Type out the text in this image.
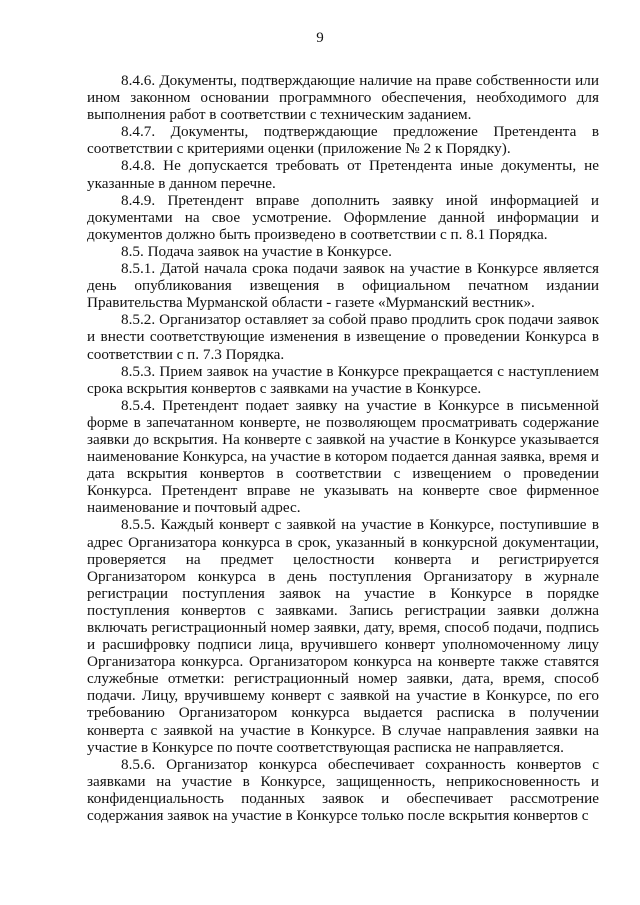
9

8.4.6. Документы, подтверждающие наличие на праве собственности или ином законном основании программного обеспечения, необходимого для выполнения работ в соответствии с техническим заданием.

8.4.7. Документы, подтверждающие предложение Претендента в соответствии с критериями оценки (приложение № 2 к Порядку).

8.4.8. Не допускается требовать от Претендента иные документы, не указанные в данном перечне.

8.4.9. Претендент вправе дополнить заявку иной информацией и документами на свое усмотрение. Оформление данной информации и документов должно быть произведено в соответствии с п. 8.1 Порядка.

8.5. Подача заявок на участие в Конкурсе.

8.5.1. Датой начала срока подачи заявок на участие в Конкурсе является день опубликования извещения в официальном печатном издании Правительства Мурманской области - газете «Мурманский вестник».

8.5.2. Организатор оставляет за собой право продлить срок подачи заявок и внести соответствующие изменения в извещение о проведении Конкурса в соответствии с п. 7.3 Порядка.

8.5.3. Прием заявок на участие в Конкурсе прекращается с наступлением срока вскрытия конвертов с заявками на участие в Конкурсе.

8.5.4. Претендент подает заявку на участие в Конкурсе в письменной форме в запечатанном конверте, не позволяющем просматривать содержание заявки до вскрытия. На конверте с заявкой на участие в Конкурсе указывается наименование Конкурса, на участие в котором подается данная заявка, время и дата вскрытия конвертов в соответствии с извещением о проведении Конкурса. Претендент вправе не указывать на конверте свое фирменное наименование и почтовый адрес.

8.5.5. Каждый конверт с заявкой на участие в Конкурсе, поступившие в адрес Организатора конкурса в срок, указанный в конкурсной документации, проверяется на предмет целостности конверта и регистрируется Организатором конкурса в день поступления Организатору в журнале регистрации поступления заявок на участие в Конкурсе в порядке поступления конвертов с заявками. Запись регистрации заявки должна включать регистрационный номер заявки, дату, время, способ подачи, подпись и расшифровку подписи лица, вручившего конверт уполномоченному лицу Организатора конкурса. Организатором конкурса на конверте также ставятся служебные отметки: регистрационный номер заявки, дата, время, способ подачи. Лицу, вручившему конверт с заявкой на участие в Конкурсе, по его требованию Организатором конкурса выдается расписка в получении конверта с заявкой на участие в Конкурсе. В случае направления заявки на участие в Конкурсе по почте соответствующая расписка не направляется.

8.5.6. Организатор конкурса обеспечивает сохранность конвертов с заявками на участие в Конкурсе, защищенность, неприкосновенность и конфиденциальность поданных заявок и обеспечивает рассмотрение содержания заявок на участие в Конкурсе только после вскрытия конвертов с
